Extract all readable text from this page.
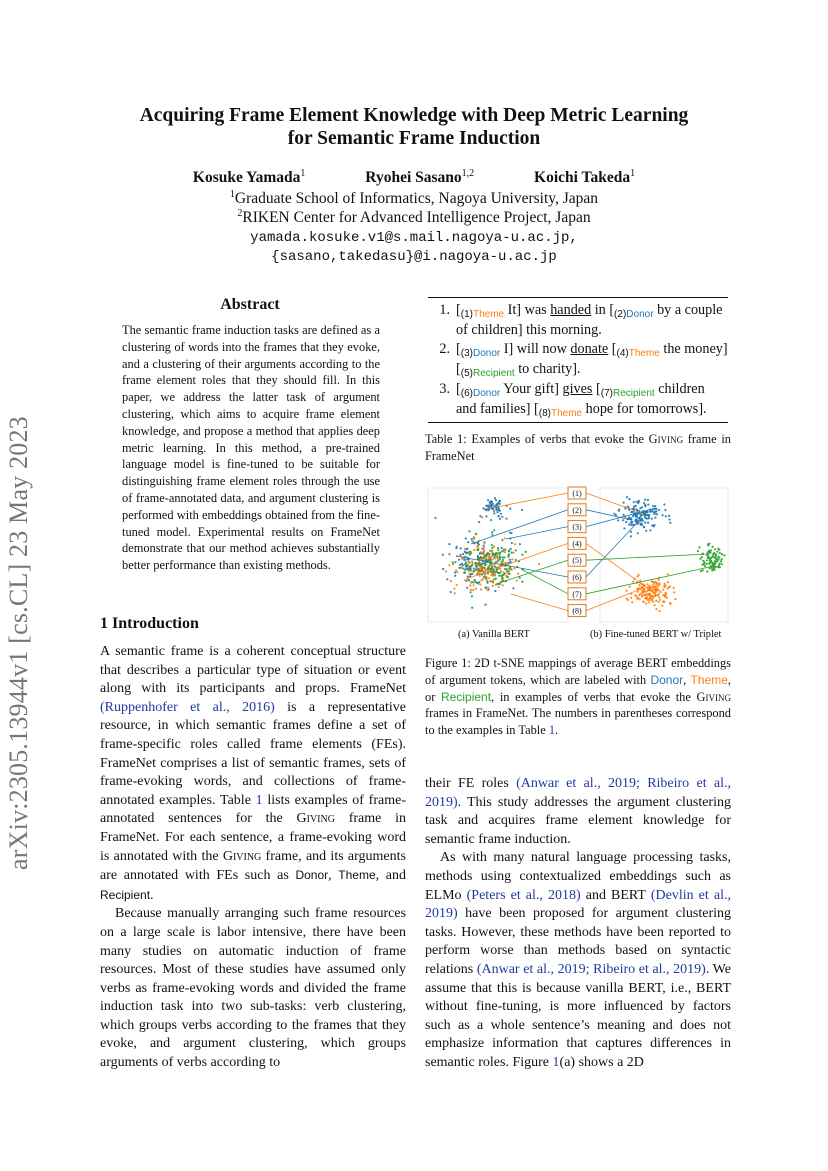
arXiv:2305.13944v1 [cs.CL] 23 May 2023
Acquiring Frame Element Knowledge with Deep Metric Learning
for Semantic Frame Induction
Kosuke Yamada$^1$	Ryohei Sasano$^{1,2}$	Koichi Takeda$^1$
$^1$Graduate School of Informatics, Nagoya University, Japan
$^2$RIKEN Center for Advanced Intelligence Project, Japan
yamada.kosuke.v1@s.mail.nagoya-u.ac.jp,
{sasano,takedasu}@i.nagoya-u.ac.jp
Abstract
The semantic frame induction tasks are defined as a clustering of words into the frames that they evoke, and a clustering of their arguments according to the frame element roles that they should fill. In this paper, we address the latter task of argument clustering, which aims to acquire frame element knowledge, and propose a method that applies deep metric learning. In this method, a pre-trained language model is fine-tuned to be suitable for distinguishing frame element roles through the use of frame-annotated data, and argument clustering is performed with embeddings obtained from the fine-tuned model. Experimental results on FrameNet demonstrate that our method achieves substantially better performance than existing methods.
1 Introduction

A semantic frame is a coherent conceptual structure that describes a particular type of situation or event along with its participants and props. FrameNet (Ruppenhofer et al., 2016) is a representative resource, in which semantic frames define a set of frame-specific roles called frame elements (FEs). FrameNet comprises a list of semantic frames, sets of frame-evoking words, and collections of frame-annotated examples. Table 1 lists examples of frame-annotated sentences for the Giving frame in FrameNet. For each sentence, a frame-evoking word is annotated with the Giving frame, and its arguments are annotated with FEs such as Donor, Theme, and Recipient.

Because manually arranging such frame resources on a large scale is labor intensive, there have been many studies on automatic induction of frame resources. Most of these studies have assumed only verbs as frame-evoking words and divided the frame induction task into two sub-tasks: verb clustering, which groups verbs according to the frames that they evoke, and argument clustering, which groups arguments of verbs according to

1. [$_{(1)Theme}$ It] was handed in [$_{(2)Donor}$ by a couple of children] this morning.
2. [$_{(3)Donor}$ I] will now donate [$_{(4)Theme}$ the money] [$_{(5)Recipient}$ to charity].
3. [$_{(6)Donor}$ Your gift] gives [$_{(7)Recipient}$ children and families] [$_{(8)Theme}$ hope for tomorrows].
Table 1: Examples of verbs that evoke the Giving frame in FrameNet
(1)
(2)
(3)
(4)
(5)
(6)
(7)
(8)
(a) Vanilla BERT	(b) Fine-tuned BERT w/ Triplet
Figure 1: 2D t-SNE mappings of average BERT embeddings of argument tokens, which are labeled with Donor, Theme, or Recipient, in examples of verbs that evoke the Giving frames in FrameNet. The numbers in parentheses correspond to the examples in Table 1.

their FE roles (Anwar et al., 2019; Ribeiro et al., 2019). This study addresses the argument clustering task and acquires frame element knowledge for semantic frame induction.

As with many natural language processing tasks, methods using contextualized embeddings such as ELMo (Peters et al., 2018) and BERT (Devlin et al., 2019) have been proposed for argument clustering tasks. However, these methods have been reported to perform worse than methods based on syntactic relations (Anwar et al., 2019; Ribeiro et al., 2019). We assume that this is because vanilla BERT, i.e., BERT without fine-tuning, is more influenced by factors such as a whole sentence’s meaning and does not emphasize information that captures differences in semantic roles. Figure 1(a) shows a 2D
